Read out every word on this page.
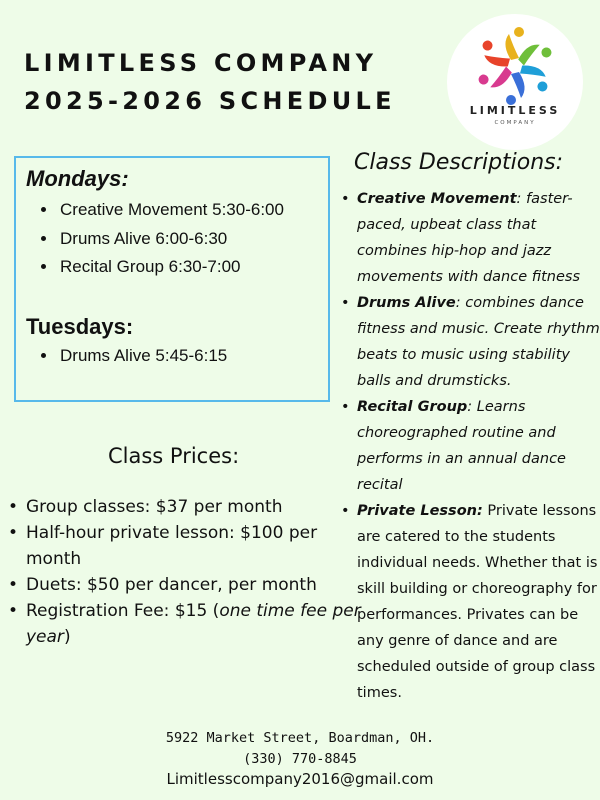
LIMITLESS COMPANY
2025-2026 SCHEDULE	LIMITLESS
COMPANY
Mondays:
• Creative Movement 5:30-6:00
• Drums Alive 6:00-6:30
• Recital Group 6:30-7:00
Tuesdays:
• Drums Alive 5:45-6:15
Class Prices:
• Group classes: $37 per month
• Half-hour private lesson: $100 per month
• Duets: $50 per dancer, per month
• Registration Fee: $15 (one time fee per year)
Class Descriptions:
• Creative Movement: faster-paced, upbeat class that combines hip-hop and jazz movements with dance fitness
• Drums Alive: combines dance fitness and music. Create rhythm beats to music using stability balls and drumsticks.
• Recital Group: Learns choreographed routine and performs in an annual dance recital
• Private Lesson: Private lessons are catered to the students individual needs. Whether that is skill building or choreography for performances. Privates can be any genre of dance and are scheduled outside of group class times.

5922 Market Street, Boardman, OH.

(330) 770-8845

Limitlesscompany2016@gmail.com
